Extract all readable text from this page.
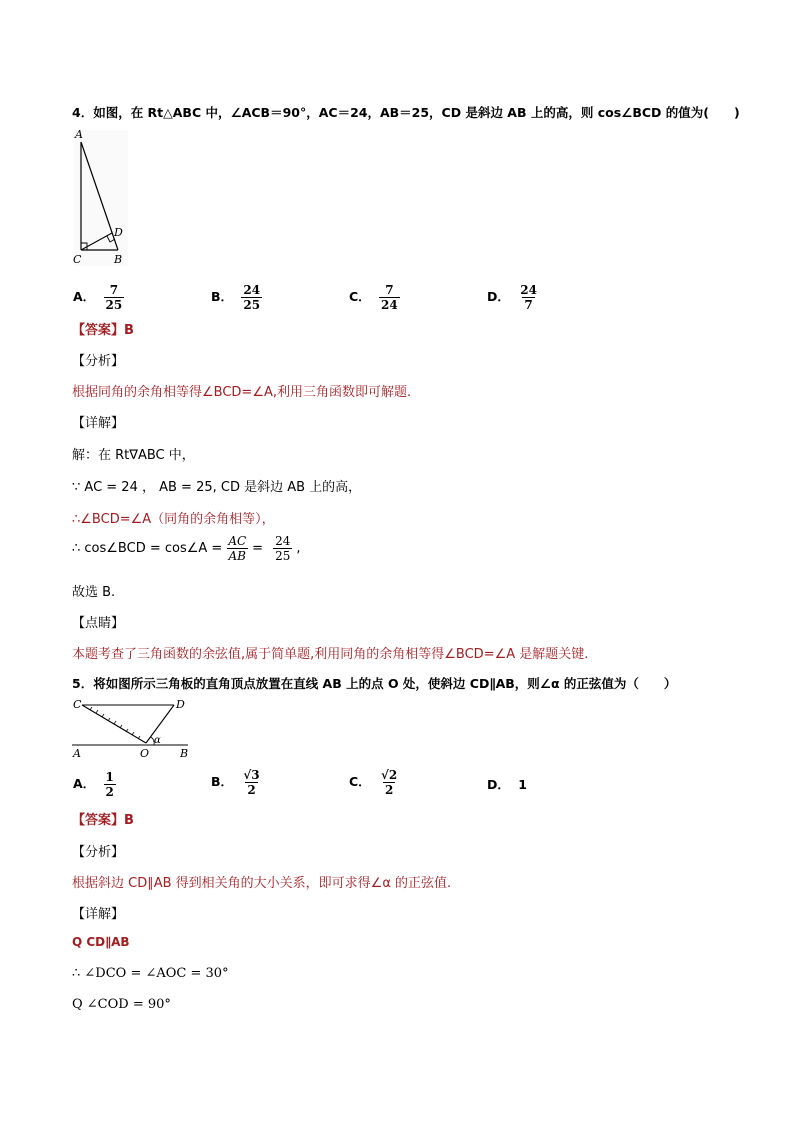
4．如图，在 Rt△ABC 中，∠ACB＝90°，AC＝24，AB＝25，CD 是斜边 AB 上的高，则 cos∠BCD 的值为(　　)
A
D
C	B
A． $\frac{7}{25}$	B． $\frac{24}{25}$	C． $\frac{7}{24}$	D． $\frac{24}{7}$
【答案】B
【分析】
根据同角的余角相等得∠BCD=∠A,利用三角函数即可解题.
【详解】
解：在 Rt∇ABC 中，
∵ AC = 24 ， AB = 25, CD 是斜边 AB 上的高，
∴∠BCD=∠A（同角的余角相等），
∴ cos∠BCD = cos∠A = $\frac{AC}{AB} = \frac{24}{25}$ ,
故选 B.
【点睛】
本题考查了三角函数的余弦值,属于简单题,利用同角的余角相等得∠BCD=∠A 是解题关键.
5．将如图所示三角板的直角顶点放置在直线 AB 上的点 O 处，使斜边 CD∥AB，则∠α 的正弦值为（　　）
C	D
A	O	B
α
A． $\frac{1}{2}$	B． $\frac{√3}{2}$	C． $\frac{√2}{2}$	D． 1
【答案】B
【分析】
根据斜边 CD∥AB 得到相关角的大小关系，即可求得∠α 的正弦值.
【详解】
Q CD∥AB
∴ ∠DCO = ∠AOC = 30°
Q ∠COD = 90°
